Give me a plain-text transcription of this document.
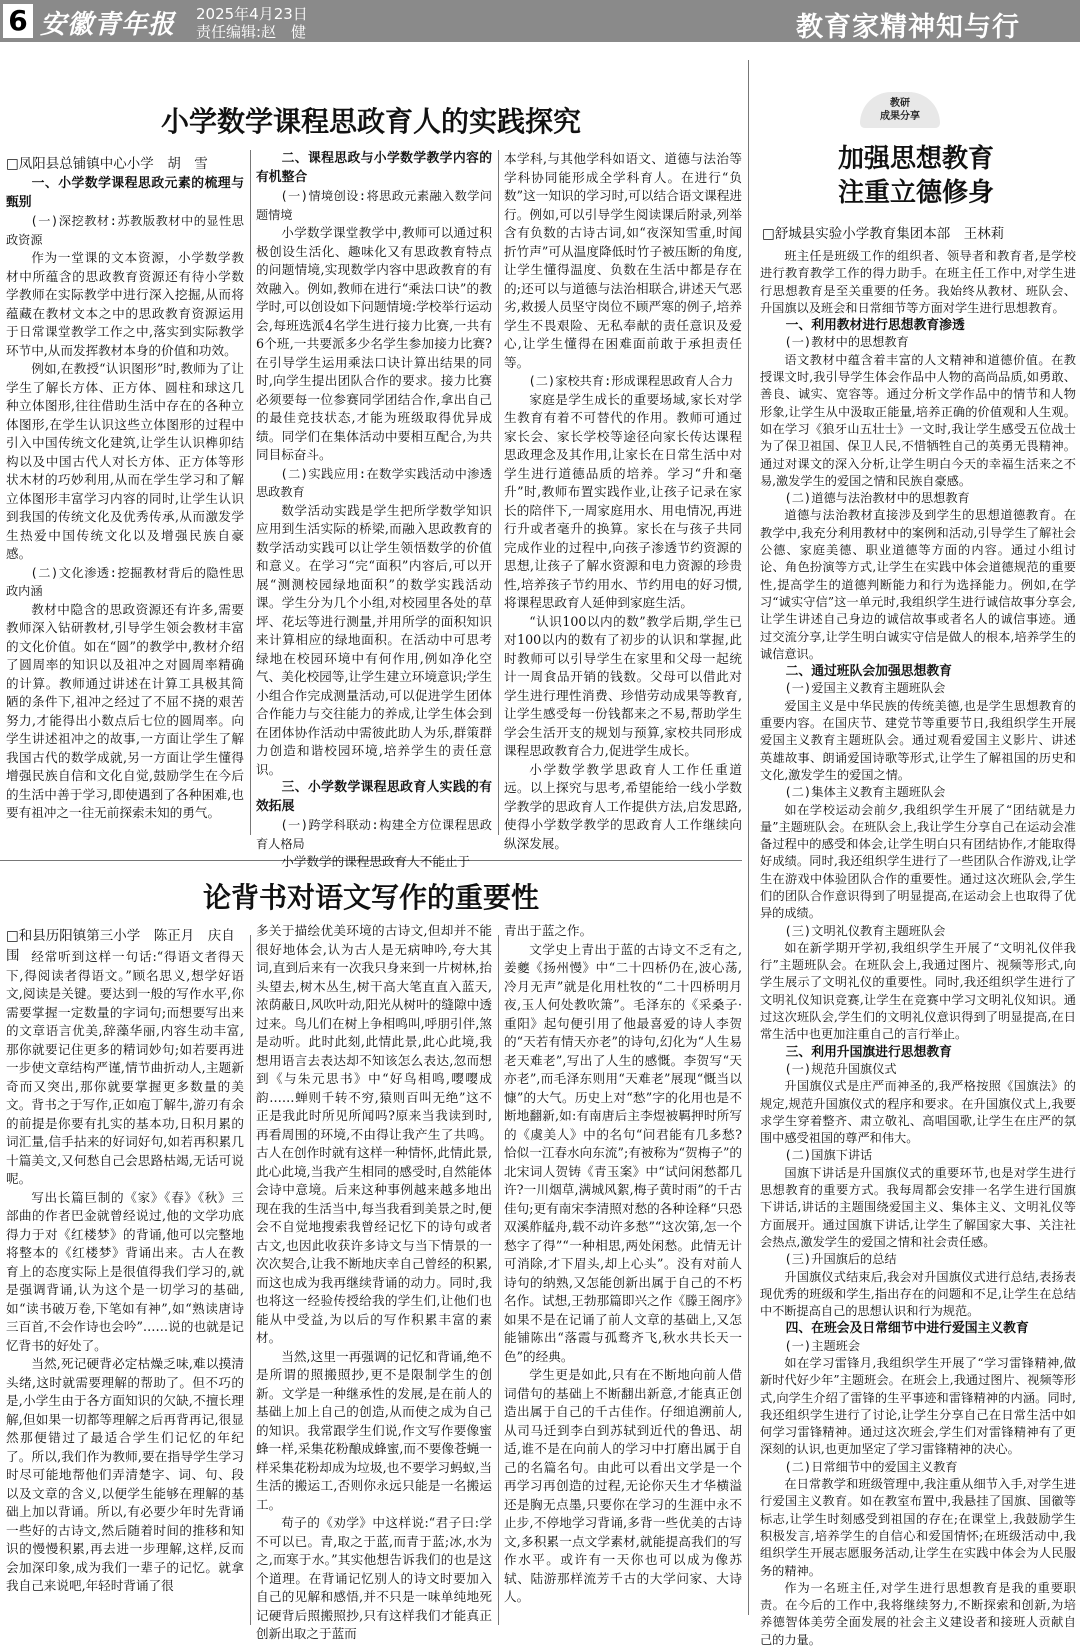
6 安徽青年报 2025年4月23日
责任编辑:赵　健	教育家精神知与行
小学数学课程思政育人的实践探究
□凤阳县总铺镇中心小学　胡　雪
一、小学数学课程思政元素的梳理与甄别
(一)深挖教材:苏教版教材中的显性思政资源

作为一堂课的文本资源，小学数学教材中所蕴含的思政教育资源还有待小学数学教师在实际教学中进行深入挖掘,从而将蕴藏在教材文本之中的思政教育资源运用于日常课堂教学工作之中,落实到实际教学环节中,从而发挥教材本身的价值和功效。

例如,在教授“认识图形”时,教师为了让学生了解长方体、正方体、圆柱和球这几种立体图形,往往借助生活中存在的各种立体图形,在学生认识这些立体图形的过程中引入中国传统文化建筑,让学生认识榫卯结构以及中国古代人对长方体、正方体等形状木材的巧妙利用,从而在学生学习和了解立体图形丰富学习内容的同时,让学生认识到我国的传统文化及优秀传承,从而激发学生热爱中国传统文化以及增强民族自豪感。

(二)文化渗透:挖掘教材背后的隐性思政内涵

教材中隐含的思政资源还有许多,需要教师深入钻研教材,引导学生领会教材丰富的文化价值。如在“圆”的教学中,教材介绍了圆周率的知识以及祖冲之对圆周率精确的计算。教师通过讲述在计算工具极其简陋的条件下,祖冲之经过了不屈不挠的艰苦努力,才能得出小数点后七位的圆周率。向学生讲述祖冲之的故事,一方面让学生了解我国古代的数学成就,另一方面让学生懂得增强民族自信和文化自觉,鼓励学生在今后的生活中善于学习,即使遇到了各种困难,也要有祖冲之一往无前探索未知的勇气。

二、课程思政与小学数学教学内容的有机整合
(一)情境创设:将思政元素融入数学问题情境

小学数学课堂教学中,教师可以通过积极创设生活化、趣味化又有思政教育特点的问题情境,实现数学内容中思政教育的有效融入。例如,教师在进行“乘法口诀”的教学时,可以创设如下问题情境:学校举行运动会,每班选派4名学生进行接力比赛,一共有6个班,一共要派多少名学生参加接力比赛?在引导学生运用乘法口诀计算出结果的同时,向学生提出团队合作的要求。接力比赛必须要每一位参赛同学团结合作,拿出自己的最佳竞技状态,才能为班级取得优异成绩。同学们在集体活动中要相互配合,为共同目标奋斗。

(二)实践应用:在数学实践活动中渗透思政教育

数学活动实践是学生把所学数学知识应用到生活实际的桥梁,而融入思政教育的数学活动实践可以让学生领悟数学的价值和意义。在学习“完“面积”内容后,可以开展“测测校园绿地面积”的数学实践活动课。学生分为几个小组,对校园里各处的草坪、花坛等进行测量,并用所学的面积知识来计算相应的绿地面积。在活动中可思考绿地在校园环境中有何作用,例如净化空气、美化校园等,让学生建立环境意识;学生小组合作完成测量活动,可以促进学生团体合作能力与交往能力的养成,让学生体会到在团体协作活动中需彼此助人为乐,群策群力创造和谐校园环境,培养学生的责任意识。

三、小学数学课程思政育人实践的有效拓展
(一)跨学科联动:构建全方位课程思政育人格局

小学数学的课程思政育人不能止于

本学科,与其他学科如语文、道德与法治等学科协同能形成全学科育人。在进行“负数”这一知识的学习时,可以结合语文课程进行。例如,可以引导学生阅读课后附录,列举含有负数的古诗古词,如“夜深知雪重,时闻折竹声”可从温度降低时竹子被压断的角度,让学生懂得温度、负数在生活中都是存在的;还可以与道德与法治相联合,讲述天气恶劣,救援人员坚守岗位不顾严寒的例子,培养学生不畏艰险、无私奉献的责任意识及爱心,让学生懂得在困难面前敢于承担责任等。

(二)家校共育:形成课程思政育人合力

家庭是学生成长的重要场域,家长对学生教育有着不可替代的作用。教师可通过家长会、家长学校等途径向家长传达课程思政理念及其作用,让家长在日常生活中对学生进行道德品质的培养。学习“升和毫升”时,教师布置实践作业,让孩子记录在家长的陪伴下,一周家庭用水、用电情况,再进行升或者毫升的换算。家长在与孩子共同完成作业的过程中,向孩子渗透节约资源的思想,让孩子了解水资源和电力资源的珍贵性,培养孩子节约用水、节约用电的好习惯,将课程思政育人延伸到家庭生活。

“认识100以内的数”教学后期,学生已对100以内的数有了初步的认识和掌握,此时教师可以引导学生在家里和父母一起统计一周食品开销的钱数。父母可以借此对学生进行理性消费、珍惜劳动成果等教育,让学生感受每一份钱都来之不易,帮助学生学会生活开支的规划与预算,家校共同形成课程思政教育合力,促进学生成长。

小学数学教学思政育人工作任重道远。以上探究与思考,希望能给一线小学数学教学的思政育人工作提供方法,启发思路,使得小学数学教学的思政育人工作继续向纵深发展。

论背书对语文写作的重要性
□和县历阳镇第三小学　陈正月　庆自围 经常听到这样一句话:“得语文者得天下,得阅读者得语文。”顾名思义,想学好语文,阅读是关键。要达到一般的写作水平,你需要掌握一定数量的字词句;而想要写出来的文章语言优美,辞藻华丽,内容生动丰富,那你就要记住更多的精词妙句;如若要再进一步使文章结构严谨,情节曲折动人,主题新奇而又突出,那你就要掌握更多数量的美文。背书之于写作,正如庖丁解牛,游刃有余的前提是你要有扎实的基本功,日积月累的词汇量,信手拈来的好词好句,如若再积累几十篇美文,又何愁自己会思路枯竭,无话可说呢。

写出长篇巨制的《家》《春》《秋》三部曲的作者巴金就曾经说过,他的文学功底得力于对《红楼梦》的背诵,他可以完整地将整本的《红楼梦》背诵出来。古人在教育上的态度实际上是很值得我们学习的,就是强调背诵,认为这个是一切学习的基础,如“读书破万卷,下笔如有神”,如“熟读唐诗三百首,不会作诗也会吟”……说的也就是记忆背书的好处了。

当然,死记硬背必定枯燥乏味,难以摸清头绪,这时就需要理解的帮助了。但不巧的是,小学生由于各方面知识的欠缺,不擅长理解,但如果一切都等理解之后再背再记,很显然那便错过了最适合学生们记忆的年纪了。所以,我们作为教师,要在指导学生学习时尽可能地帮他们弄清楚字、词、句、段以及文章的含义,以便学生能够在理解的基础上加以背诵。所以,有必要少年时先背诵一些好的古诗文,然后随着时间的推移和知识的慢慢积累,再去进一步理解,这样,反而会加深印象,成为我们一辈子的记忆。就拿我自己来说吧,年轻时背诵了很

多关于描绘优美环境的古诗文,但却并不能很好地体会,认为古人是无病呻吟,夸大其词,直到后来有一次我只身来到一片树林,抬头望去,树木丛生,树干高大笔直直入蓝天,浓荫蔽日,风吹叶动,阳光从树叶的缝隙中透过来。鸟儿们在树上争相鸣叫,呼朋引伴,煞是动听。此时此刻,此情此景,此心此境,我想用语言去表达却不知该怎么表达,忽而想到《与朱元思书》中“好鸟相鸣,嘤嘤成韵……蝉则千转不穷,猿则百叫无绝”这不正是我此时所见所闻吗?原来当我读到时,再看周围的环境,不由得让我产生了共鸣。古人在创作时就有这样一种情怀,此情此景,此心此境,当我产生相同的感受时,自然能体会诗中意境。后来这种事例越来越多地出现在我的生活当中,每当我看到美景之时,便会不自觉地搜索我曾经记忆下的诗句或者古文,也因此收获许多诗文与当下情景的一次次契合,让我不断地庆幸自己曾经的积累,而这也成为我再继续背诵的动力。同时,我也将这一经验传授给我的学生们,让他们也能从中受益,为以后的写作积累丰富的素材。

当然,这里一再强调的记忆和背诵,绝不是所谓的照搬照抄,更不是限制学生的创新。文学是一种继承性的发展,是在前人的基础上加上自己的创造,从而使之成为自己的知识。我常跟学生们说,作文写作要像蜜蜂一样,采集花粉酿成蜂蜜,而不要像苍蝇一样采集花粉却成为垃圾,也不要学习蚂蚁,当生活的搬运工,否则你永远只能是一名搬运工。

荀子的《劝学》中这样说:“君子曰:学不可以已。青,取之于蓝,而青于蓝;冰,水为之,而寒于水。”其实他想告诉我们的也是这个道理。在背诵记忆别人的诗文时要加入自己的见解和感悟,并不只是一味单纯地死记硬背后照搬照抄,只有这样我们才能真正创新出取之于蓝而

青出于蓝之作。

文学史上青出于蓝的古诗文不乏有之,姜夔《扬州慢》中“二十四桥仍在,波心荡,冷月无声”就是化用杜牧的“二十四桥明月夜,玉人何处教吹箫”。毛泽东的《采桑子·重阳》起句便引用了他最喜爱的诗人李贺的“天若有情天亦老”的诗句,幻化为“人生易老天难老”,写出了人生的感慨。李贺写“天亦老”,而毛泽东则用“天难老”展现“慨当以慷”的大气。历史上对“愁”字的化用也是不断地翻新,如:有南唐后主李煜被羁押时所写的《虞美人》中的名句“问君能有几多愁?恰似一江春水向东流”;有被称为“贺梅子”的北宋词人贺铸《青玉案》中“试问闲愁都几许?一川烟草,满城风絮,梅子黄时雨”的千古佳句;更有南宋李清照对愁的各种诠释“只恐双溪舴艋舟,载不动许多愁”“这次第,怎一个愁字了得”“一种相思,两处闲愁。此情无计可消除,才下眉头,却上心头”。没有对前人诗句的纳熟,又怎能创新出属于自己的不朽名作。试想,王勃那篇即兴之作《滕王阁序》如果不是在记诵了前人文章的基础上,又怎能铺陈出“落霞与孤鹜齐飞,秋水共长天一色”的经典。

学生更是如此,只有在不断地向前人借词借句的基础上不断翻出新意,才能真正创造出属于自己的千古佳作。仔细追溯前人,从司马迁到李白到苏轼到近代的鲁迅、胡适,谁不是在向前人的学习中打磨出属于自己的名篇名句。由此可以看出文学是一个再学习再创造的过程,无论你天生才华横溢还是胸无点墨,只要你在学习的生涯中永不止步,不停地学习背诵,多背一些优美的古诗文,多积累一点文学素材,就能提高我们的写作水平。或许有一天你也可以成为像苏轼、陆游那样流芳千古的大学问家、大诗人。

教研
成果分享
加强思想教育
注重立德修身
□舒城县实验小学教育集团本部　王林莉

班主任是班级工作的组织者、领导者和教育者,是学校进行教育教学工作的得力助手。在班主任工作中,对学生进行思想教育是至关重要的任务。我始终从教材、班队会、升国旗以及班会和日常细节等方面对学生进行思想教育。

一、利用教材进行思想教育渗透
(一)教材中的思想教育

语文教材中蕴含着丰富的人文精神和道德价值。在教授课文时,我引导学生体会作品中人物的高尚品质,如勇敢、善良、诚实、宽容等。通过分析文学作品中的情节和人物形象,让学生从中汲取正能量,培养正确的价值观和人生观。如在学习《狼牙山五壮士》一文时,我让学生感受五位战士为了保卫祖国、保卫人民,不惜牺牲自己的英勇无畏精神。通过对课文的深入分析,让学生明白今天的幸福生活来之不易,激发学生的爱国之情和民族自豪感。

(二)道德与法治教材中的思想教育

道德与法治教材直接涉及到学生的思想道德教育。在教学中,我充分利用教材中的案例和活动,引导学生了解社会公德、家庭美德、职业道德等方面的内容。通过小组讨论、角色扮演等方式,让学生在实践中体会道德规范的重要性,提高学生的道德判断能力和行为选择能力。例如,在学习“诚实守信”这一单元时,我组织学生进行诚信故事分享会,让学生讲述自己身边的诚信故事或者名人的诚信事迹。通过交流分享,让学生明白诚实守信是做人的根本,培养学生的诚信意识。

二、通过班队会加强思想教育
(一)爱国主义教育主题班队会

爱国主义是中华民族的传统美德,也是学生思想教育的重要内容。在国庆节、建党节等重要节日,我组织学生开展爱国主义教育主题班队会。通过观看爱国主义影片、讲述英雄故事、朗诵爱国诗歌等形式,让学生了解祖国的历史和文化,激发学生的爱国之情。

(二)集体主义教育主题班队会

如在学校运动会前夕,我组织学生开展了“团结就是力量”主题班队会。在班队会上,我让学生分享自己在运动会准备过程中的感受和体会,让学生明白只有团结协作,才能取得好成绩。同时,我还组织学生进行了一些团队合作游戏,让学生在游戏中体验团队合作的重要性。通过这次班队会,学生们的团队合作意识得到了明显提高,在运动会上也取得了优异的成绩。

(三)文明礼仪教育主题班队会

如在新学期开学初,我组织学生开展了“文明礼仪伴我行”主题班队会。在班队会上,我通过图片、视频等形式,向学生展示了文明礼仪的重要性。同时,我还组织学生进行了文明礼仪知识竞赛,让学生在竞赛中学习文明礼仪知识。通过这次班队会,学生们的文明礼仪意识得到了明显提高,在日常生活中也更加注重自己的言行举止。

三、利用升国旗进行思想教育
(一)规范升国旗仪式

升国旗仪式是庄严而神圣的,我严格按照《国旗法》的规定,规范升国旗仪式的程序和要求。在升国旗仪式上,我要求学生穿着整齐、肃立敬礼、高唱国歌,让学生在庄严的氛围中感受祖国的尊严和伟大。

(二)国旗下讲话

国旗下讲话是升国旗仪式的重要环节,也是对学生进行思想教育的重要方式。我每周都会安排一名学生进行国旗下讲话,讲话的主题围绕爱国主义、集体主义、文明礼仪等方面展开。通过国旗下讲话,让学生了解国家大事、关注社会热点,激发学生的爱国之情和社会责任感。

(三)升国旗后的总结

升国旗仪式结束后,我会对升国旗仪式进行总结,表扬表现优秀的班级和学生,指出存在的问题和不足,让学生在总结中不断提高自己的思想认识和行为规范。

四、在班会及日常细节中进行爱国主义教育
(一)主题班会

如在学习雷锋月,我组织学生开展了“学习雷锋精神,做新时代好少年”主题班会。在班会上,我通过图片、视频等形式,向学生介绍了雷锋的生平事迹和雷锋精神的内涵。同时,我还组织学生进行了讨论,让学生分享自己在日常生活中如何学习雷锋精神。通过这次班会,学生们对雷锋精神有了更深刻的认识,也更加坚定了学习雷锋精神的决心。

(二)日常细节中的爱国主义教育

在日常教学和班级管理中,我注重从细节入手,对学生进行爱国主义教育。如在教室布置中,我悬挂了国旗、国徽等标志,让学生时刻感受到祖国的存在;在课堂上,我鼓励学生积极发言,培养学生的自信心和爱国情怀;在班级活动中,我组织学生开展志愿服务活动,让学生在实践中体会为人民服务的精神。

作为一名班主任,对学生进行思想教育是我的重要职责。在今后的工作中,我将继续努力,不断探索和创新,为培养德智体美劳全面发展的社会主义建设者和接班人贡献自己的力量。
